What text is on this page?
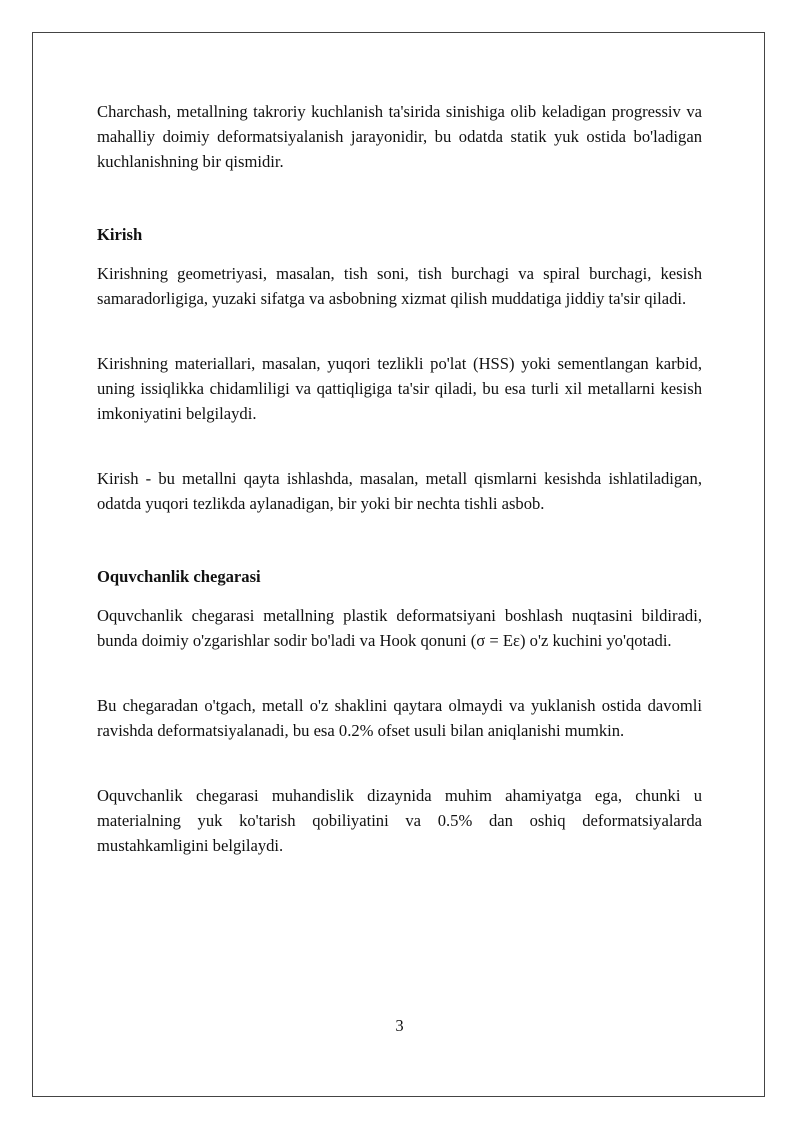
Charchash, metallning takroriy kuchlanish ta'sirida sinishiga olib keladigan progressiv va mahalliy doimiy deformatsiyalanish jarayonidir, bu odatda statik yuk ostida bo'ladigan kuchlanishning bir qismidir.

Kirish

Kirishning geometriyasi, masalan, tish soni, tish burchagi va spiral burchagi, kesish samaradorligiga, yuzaki sifatga va asbobning xizmat qilish muddatiga jiddiy ta'sir qiladi.

Kirishning materiallari, masalan, yuqori tezlikli po'lat (HSS) yoki sementlangan karbid, uning issiqlikka chidamliligi va qattiqligiga ta'sir qiladi, bu esa turli xil metallarni kesish imkoniyatini belgilaydi.

Kirish - bu metallni qayta ishlashda, masalan, metall qismlarni kesishda ishlatiladigan, odatda yuqori tezlikda aylanadigan, bir yoki bir nechta tishli asbob.

Oquvchanlik chegarasi

Oquvchanlik chegarasi metallning plastik deformatsiyani boshlash nuqtasini bildiradi, bunda doimiy o'zgarishlar sodir bo'ladi va Hook qonuni (σ = Eε) o'z kuchini yo'qotadi.

Bu chegaradan o'tgach, metall o'z shaklini qaytara olmaydi va yuklanish ostida davomli ravishda deformatsiyalanadi, bu esa 0.2% ofset usuli bilan aniqlanishi mumkin.

Oquvchanlik chegarasi muhandislik dizaynida muhim ahamiyatga ega, chunki u materialning yuk ko'tarish qobiliyatini va 0.5% dan oshiq deformatsiyalarda mustahkamligini belgilaydi.

3
